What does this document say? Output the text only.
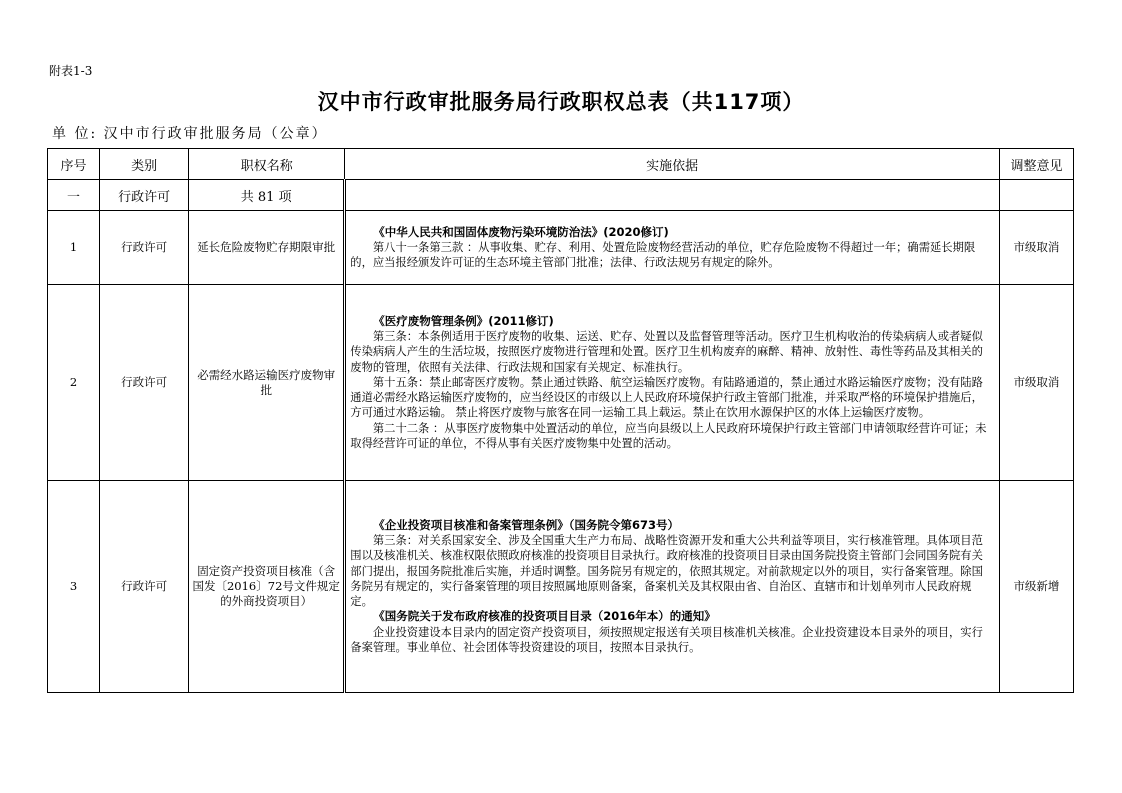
附表1-3
汉中市行政审批服务局行政职权总表（共117项）
单 位: 汉中市行政审批服务局（公章）
序号	类别	职权名称	实施依据	调整意见
一	行政许可	共 81 项		
1	行政许可	延长危险废物贮存期限审批	《中华人民共和国固体废物污染环境防治法》(2020修订)

第八十一条第三款 ：从事收集、贮存、利用、处置危险废物经营活动的单位，贮存危险废物不得超过一年；确需延长期限的，应当报经颁发许可证的生态环境主管部门批准；法律、行政法规另有规定的除外。	市级取消
2	行政许可	必需经水路运输医疗废物审批	《医疗废物管理条例》(2011修订)

第三条：本条例适用于医疗废物的收集、运送、贮存、处置以及监督管理等活动。医疗卫生机构收治的传染病病人或者疑似传染病病人产生的生活垃圾，按照医疗废物进行管理和处置。医疗卫生机构废弃的麻醉、精神、放射性、毒性等药品及其相关的废物的管理，依照有关法律、行政法规和国家有关规定、标准执行。

第十五条：禁止邮寄医疗废物。禁止通过铁路、航空运输医疗废物。有陆路通道的，禁止通过水路运输医疗废物；没有陆路通道必需经水路运输医疗废物的，应当经设区的市级以上人民政府环境保护行政主管部门批准，并采取严格的环境保护措施后，方可通过水路运输。 禁止将医疗废物与旅客在同一运输工具上载运。禁止在饮用水源保护区的水体上运输医疗废物。

第二十二条 ：从事医疗废物集中处置活动的单位，应当向县级以上人民政府环境保护行政主管部门申请领取经营许可证；未取得经营许可证的单位，不得从事有关医疗废物集中处置的活动。	市级取消
3	行政许可	固定资产投资项目核准（含国发〔2016〕72号文件规定的外商投资项目）	《企业投资项目核准和备案管理条例》（国务院令第673号）

第三条：对关系国家安全、涉及全国重大生产力布局、战略性资源开发和重大公共利益等项目，实行核准管理。具体项目范围以及核准机关、核准权限依照政府核准的投资项目目录执行。政府核准的投资项目目录由国务院投资主管部门会同国务院有关部门提出，报国务院批准后实施，并适时调整。国务院另有规定的，依照其规定。对前款规定以外的项目，实行备案管理。除国务院另有规定的，实行备案管理的项目按照属地原则备案，备案机关及其权限由省、自治区、直辖市和计划单列市人民政府规定。

《国务院关于发布政府核准的投资项目目录（2016年本）的通知》

企业投资建设本目录内的固定资产投资项目，须按照规定报送有关项目核准机关核准。企业投资建设本目录外的项目，实行备案管理。事业单位、社会团体等投资建设的项目，按照本目录执行。	市级新增
